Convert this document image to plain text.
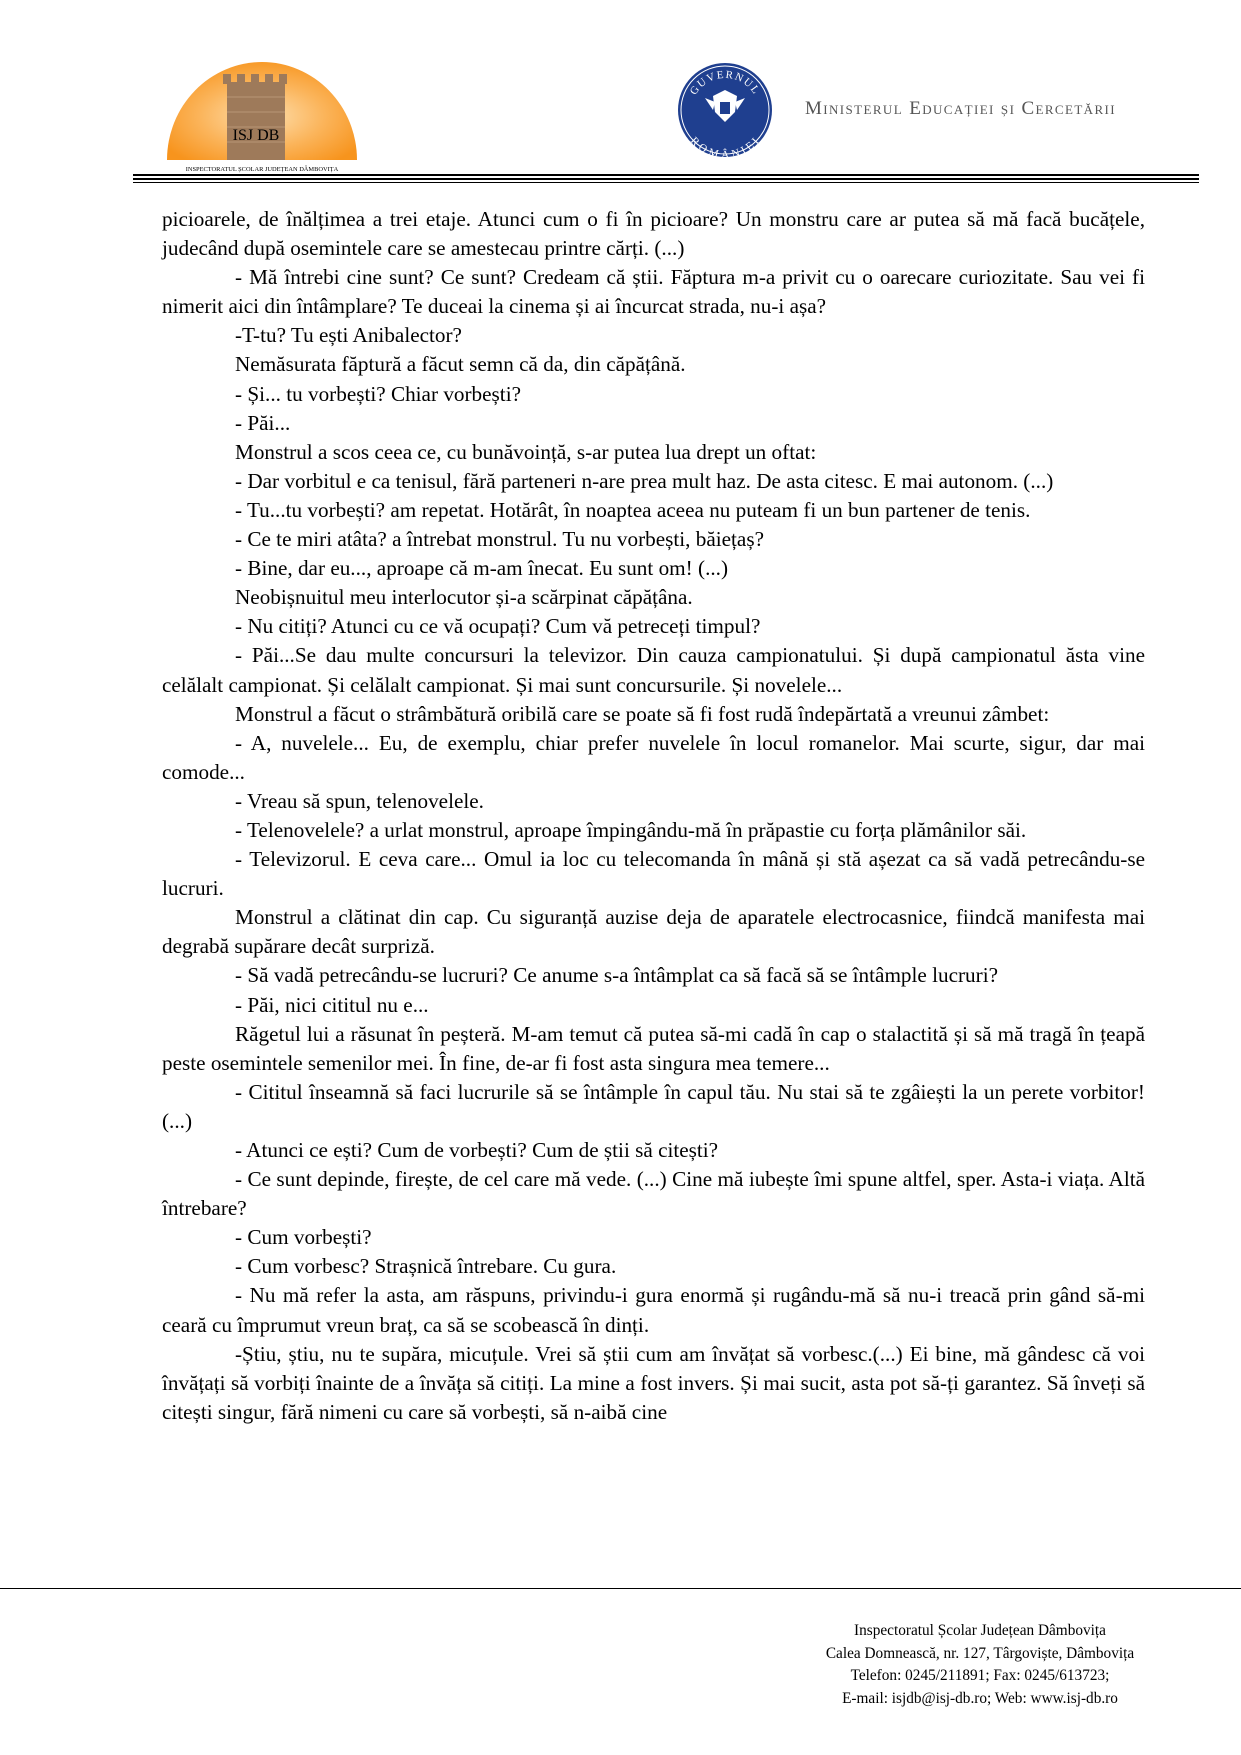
ISJ DB
INSPECTORATUL ȘCOLAR JUDEȚEAN DÂMBOVIȚA
GUVERNUL
ROMÂNIEI
Ministerul Educației și Cercetării

picioarele, de înălțimea a trei etaje. Atunci cum o fi în picioare? Un monstru care ar putea să mă facă bucățele, judecând după osemintele care se amestecau printre cărți. (...)

- Mă întrebi cine sunt? Ce sunt? Credeam că știi. Făptura m-a privit cu o oarecare curiozitate. Sau vei fi nimerit aici din întâmplare? Te duceai la cinema și ai încurcat strada, nu-i așa?

-T-tu? Tu ești Anibalector?

Nemăsurata făptură a făcut semn că da, din căpățână.

- Și... tu vorbești? Chiar vorbești?

- Păi...

Monstrul a scos ceea ce, cu bunăvoință, s-ar putea lua drept un oftat:

- Dar vorbitul e ca tenisul, fără parteneri n-are prea mult haz. De asta citesc. E mai autonom. (...)

- Tu...tu vorbești? am repetat. Hotărât, în noaptea aceea nu puteam fi un bun partener de tenis.

- Ce te miri atâta? a întrebat monstrul. Tu nu vorbești, băiețaș?

- Bine, dar eu..., aproape că m-am înecat. Eu sunt om! (...)

Neobișnuitul meu interlocutor și-a scărpinat căpățâna.

- Nu citiți? Atunci cu ce vă ocupați? Cum vă petreceți timpul?

- Păi...Se dau multe concursuri la televizor. Din cauza campionatului. Și după campionatul ăsta vine celălalt campionat. Și celălalt campionat. Și mai sunt concursurile. Și novelele...

Monstrul a făcut o strâmbătură oribilă care se poate să fi fost rudă îndepărtată a vreunui zâmbet:

- A, nuvelele... Eu, de exemplu, chiar prefer nuvelele în locul romanelor. Mai scurte, sigur, dar mai comode...

- Vreau să spun, telenovelele.

- Telenovelele? a urlat monstrul, aproape împingându-mă în prăpastie cu forța plămânilor săi.

- Televizorul. E ceva care... Omul ia loc cu telecomanda în mână și stă așezat ca să vadă petrecându-se lucruri.

Monstrul a clătinat din cap. Cu siguranță auzise deja de aparatele electrocasnice, fiindcă manifesta mai degrabă supărare decât surpriză.

- Să vadă petrecându-se lucruri? Ce anume s-a întâmplat ca să facă să se întâmple lucruri?

- Păi, nici cititul nu e...

Răgetul lui a răsunat în peșteră. M-am temut că putea să-mi cadă în cap o stalactită și să mă tragă în țeapă peste osemintele semenilor mei. În fine, de-ar fi fost asta singura mea temere...

- Cititul înseamnă să faci lucrurile să se întâmple în capul tău. Nu stai să te zgâiești la un perete vorbitor! (...)

- Atunci ce ești? Cum de vorbești? Cum de știi să citești?

- Ce sunt depinde, firește, de cel care mă vede. (...) Cine mă iubește îmi spune altfel, sper. Asta-i viața. Altă întrebare?

- Cum vorbești?

- Cum vorbesc? Strașnică întrebare. Cu gura.

- Nu mă refer la asta, am răspuns, privindu-i gura enormă și rugându-mă să nu-i treacă prin gând să-mi ceară cu împrumut vreun braț, ca să se scobească în dinți.

-Știu, știu, nu te supăra, micuțule. Vrei să știi cum am învățat să vorbesc.(...) Ei bine, mă gândesc că voi învățați să vorbiți înainte de a învăța să citiți. La mine a fost invers. Și mai sucit, asta pot să-ți garantez. Să înveți să citești singur, fără nimeni cu care să vorbești, să n-aibă cine

Inspectoratul Școlar Județean Dâmbovița
Calea Domnească, nr. 127, Târgoviște, Dâmbovița
Telefon: 0245/211891; Fax: 0245/613723;
E-mail: isjdb@isj-db.ro; Web: www.isj-db.ro
